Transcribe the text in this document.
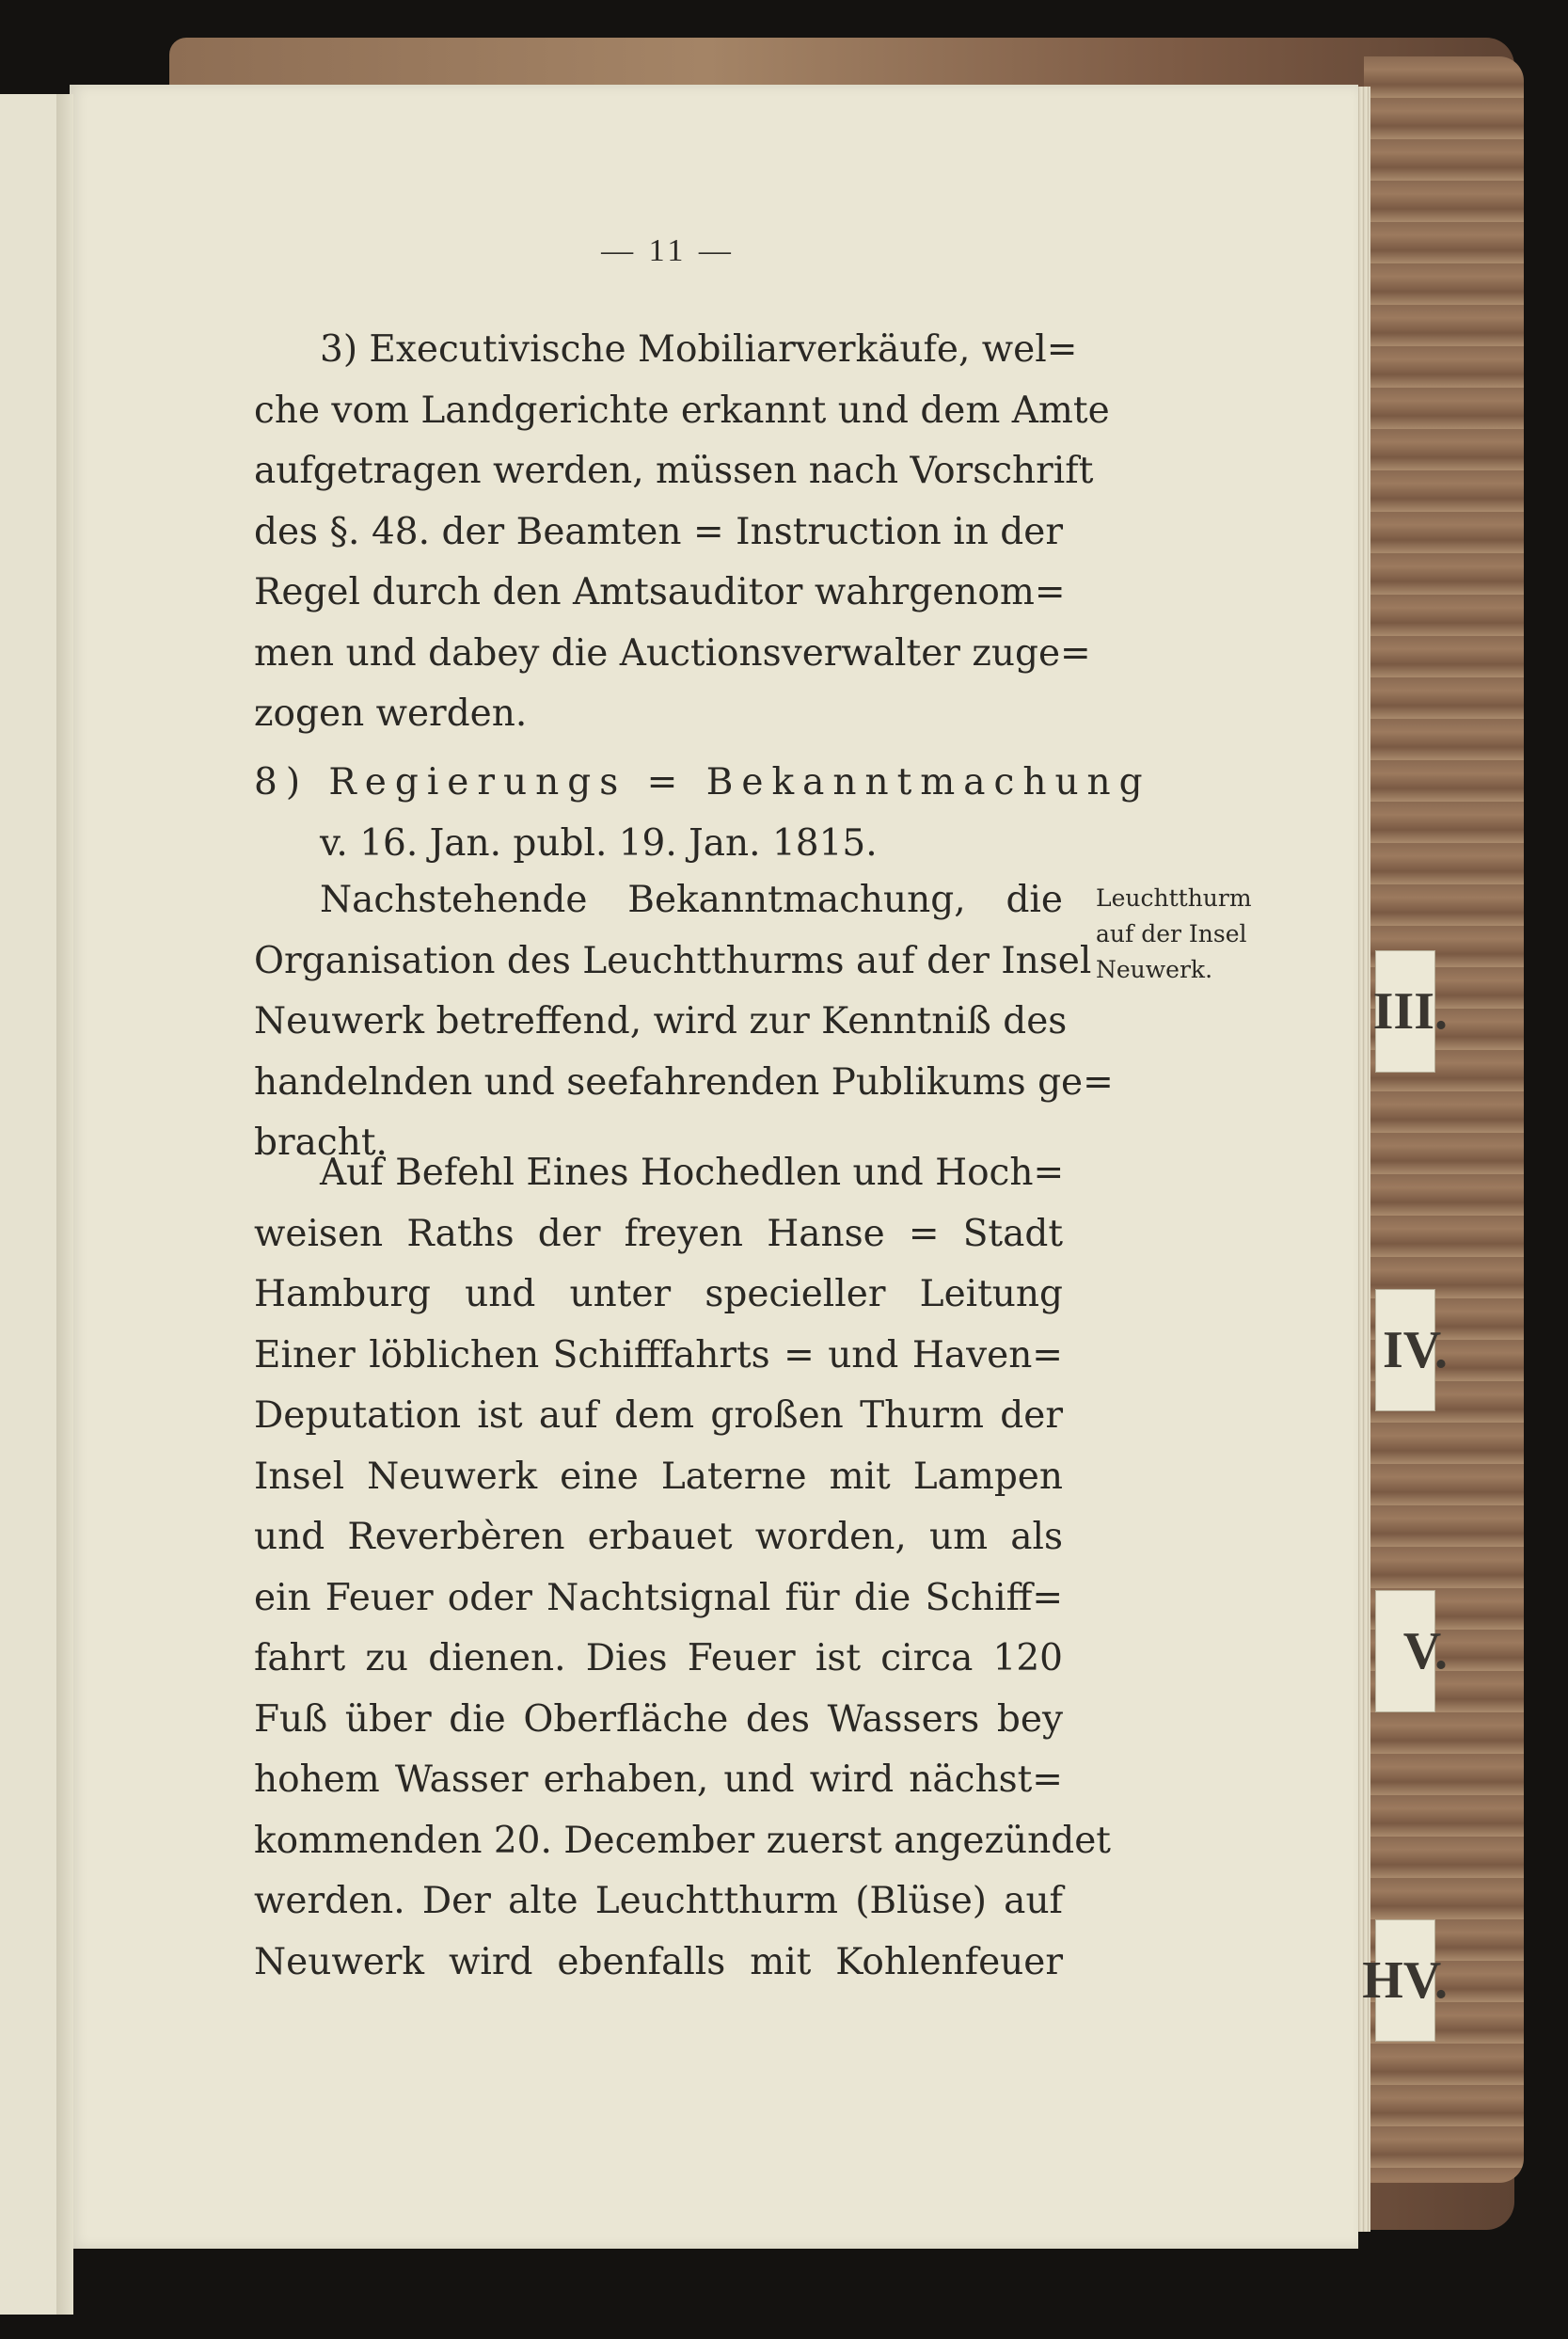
III.
IV.
V.
HV.
— 11 —
3) Executivische Mobiliarverkäufe, wel=
che vom Landgerichte erkannt und dem Amte
aufgetragen werden, müssen nach Vorschrift
des §. 48. der Beamten = Instruction in der
Regel durch den Amtsauditor wahrgenom=
men und dabey die Auctionsverwalter zuge=
zogen werden.
8) Regierungs = Bekanntmachung
v. 16. Jan. publ. 19. Jan. 1815.
Nachstehende Bekanntmachung, die
Organisation des Leuchtthurms auf der Insel
Neuwerk betreffend, wird zur Kenntniß des
handelnden und seefahrenden Publikums ge=
bracht.
Auf Befehl Eines Hochedlen und Hoch=
weisen Raths der freyen Hanse = Stadt
Hamburg und unter specieller Leitung
Einer löblichen Schifffahrts = und Haven=
Deputation ist auf dem großen Thurm der
Insel Neuwerk eine Laterne mit Lampen
und Reverbèren erbauet worden, um als
ein Feuer oder Nachtsignal für die Schiff=
fahrt zu dienen. Dies Feuer ist circa 120
Fuß über die Oberfläche des Wassers bey
hohem Wasser erhaben, und wird nächst=
kommenden 20. December zuerst angezündet
werden. Der alte Leuchtthurm (Blüse) auf
Neuwerk wird ebenfalls mit Kohlenfeuer
Leuchtthurm
auf der Insel
Neuwerk.
